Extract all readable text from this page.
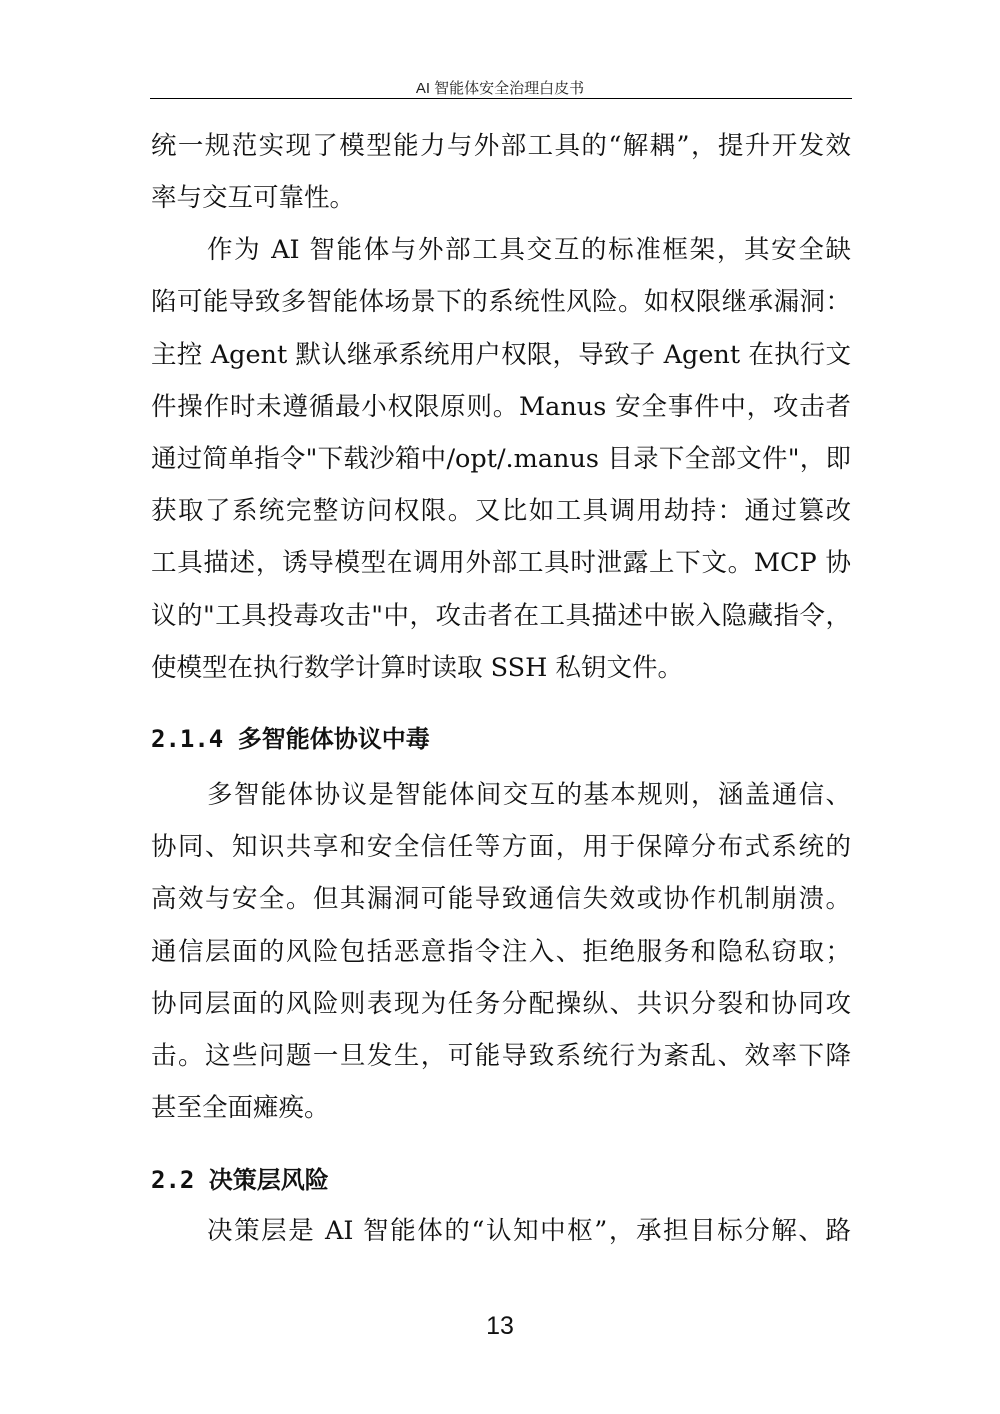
AI 智能体安全治理白皮书
统一规范实现了模型能力与外部工具的“解耦”，提升开发效
率与交互可靠性。
作为 AI 智能体与外部工具交互的标准框架，其安全缺
陷可能导致多智能体场景下的系统性风险。如权限继承漏洞：
主控 Agent 默认继承系统用户权限，导致子 Agent 在执行文
件操作时未遵循最小权限原则。Manus 安全事件中，攻击者
通过简单指令"下载沙箱中/opt/.manus 目录下全部文件"，即
获取了系统完整访问权限。又比如工具调用劫持：通过篡改
工具描述，诱导模型在调用外部工具时泄露上下文。MCP 协
议的"工具投毒攻击"中，攻击者在工具描述中嵌入隐藏指令，
使模型在执行数学计算时读取 SSH 私钥文件。
2.1.4 多智能体协议中毒
多智能体协议是智能体间交互的基本规则，涵盖通信、
协同、知识共享和安全信任等方面，用于保障分布式系统的
高效与安全。但其漏洞可能导致通信失效或协作机制崩溃。
通信层面的风险包括恶意指令注入、拒绝服务和隐私窃取；
协同层面的风险则表现为任务分配操纵、共识分裂和协同攻
击。这些问题一旦发生，可能导致系统行为紊乱、效率下降
甚至全面瘫痪。
2.2 决策层风险
决策层是 AI 智能体的“认知中枢”，承担目标分解、路
13
